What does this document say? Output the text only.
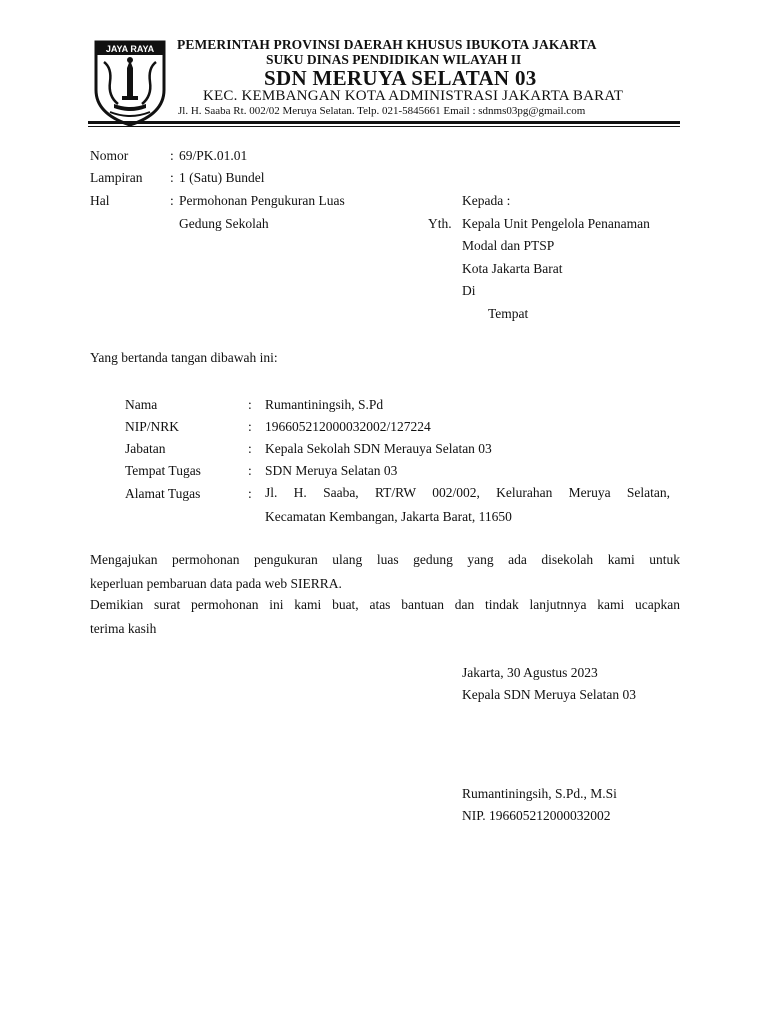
JAYA RAYA PEMERINTAH PROVINSI DAERAH KHUSUS IBUKOTA JAKARTA
SUKU DINAS PENDIDIKAN WILAYAH II
SDN MERUYA SELATAN 03
KEC. KEMBANGAN KOTA ADMINISTRASI JAKARTA BARAT
Jl. H. Saaba Rt. 002/02 Meruya Selatan. Telp. 021-5845661 Email : sdnms03pg@gmail.com
Nomor	: 69/PK.01.01
Lampiran : 1 (Satu) Bundel
Hal	: Permohonan Pengukuran Luas
Gedung Sekolah
Kepada :
Yth. Kepala Unit Pengelola Penanaman
Modal dan PTSP
Kota Jakarta Barat
Di
Tempat
Yang bertanda tangan dibawah ini:
Nama	: Rumantiningsih, S.Pd
NIP/NRK	: 196605212000032002/127224
Jabatan	: Kepala Sekolah SDN Merauya Selatan 03
Tempat Tugas	: SDN Meruya Selatan 03
Alamat Tugas	: Jl. H. Saaba, RT/RW 002/002, Kelurahan Meruya Selatan,
Kecamatan Kembangan, Jakarta Barat, 11650
Mengajukan permohonan pengukuran ulang luas gedung yang ada disekolah kami untuk
keperluan pembaruan data pada web SIERRA.
Demikian surat permohonan ini kami buat, atas bantuan dan tindak lanjutnnya kami ucapkan
terima kasih
Jakarta, 30 Agustus 2023
Kepala SDN Meruya Selatan 03
Rumantiningsih, S.Pd., M.Si
NIP. 196605212000032002
